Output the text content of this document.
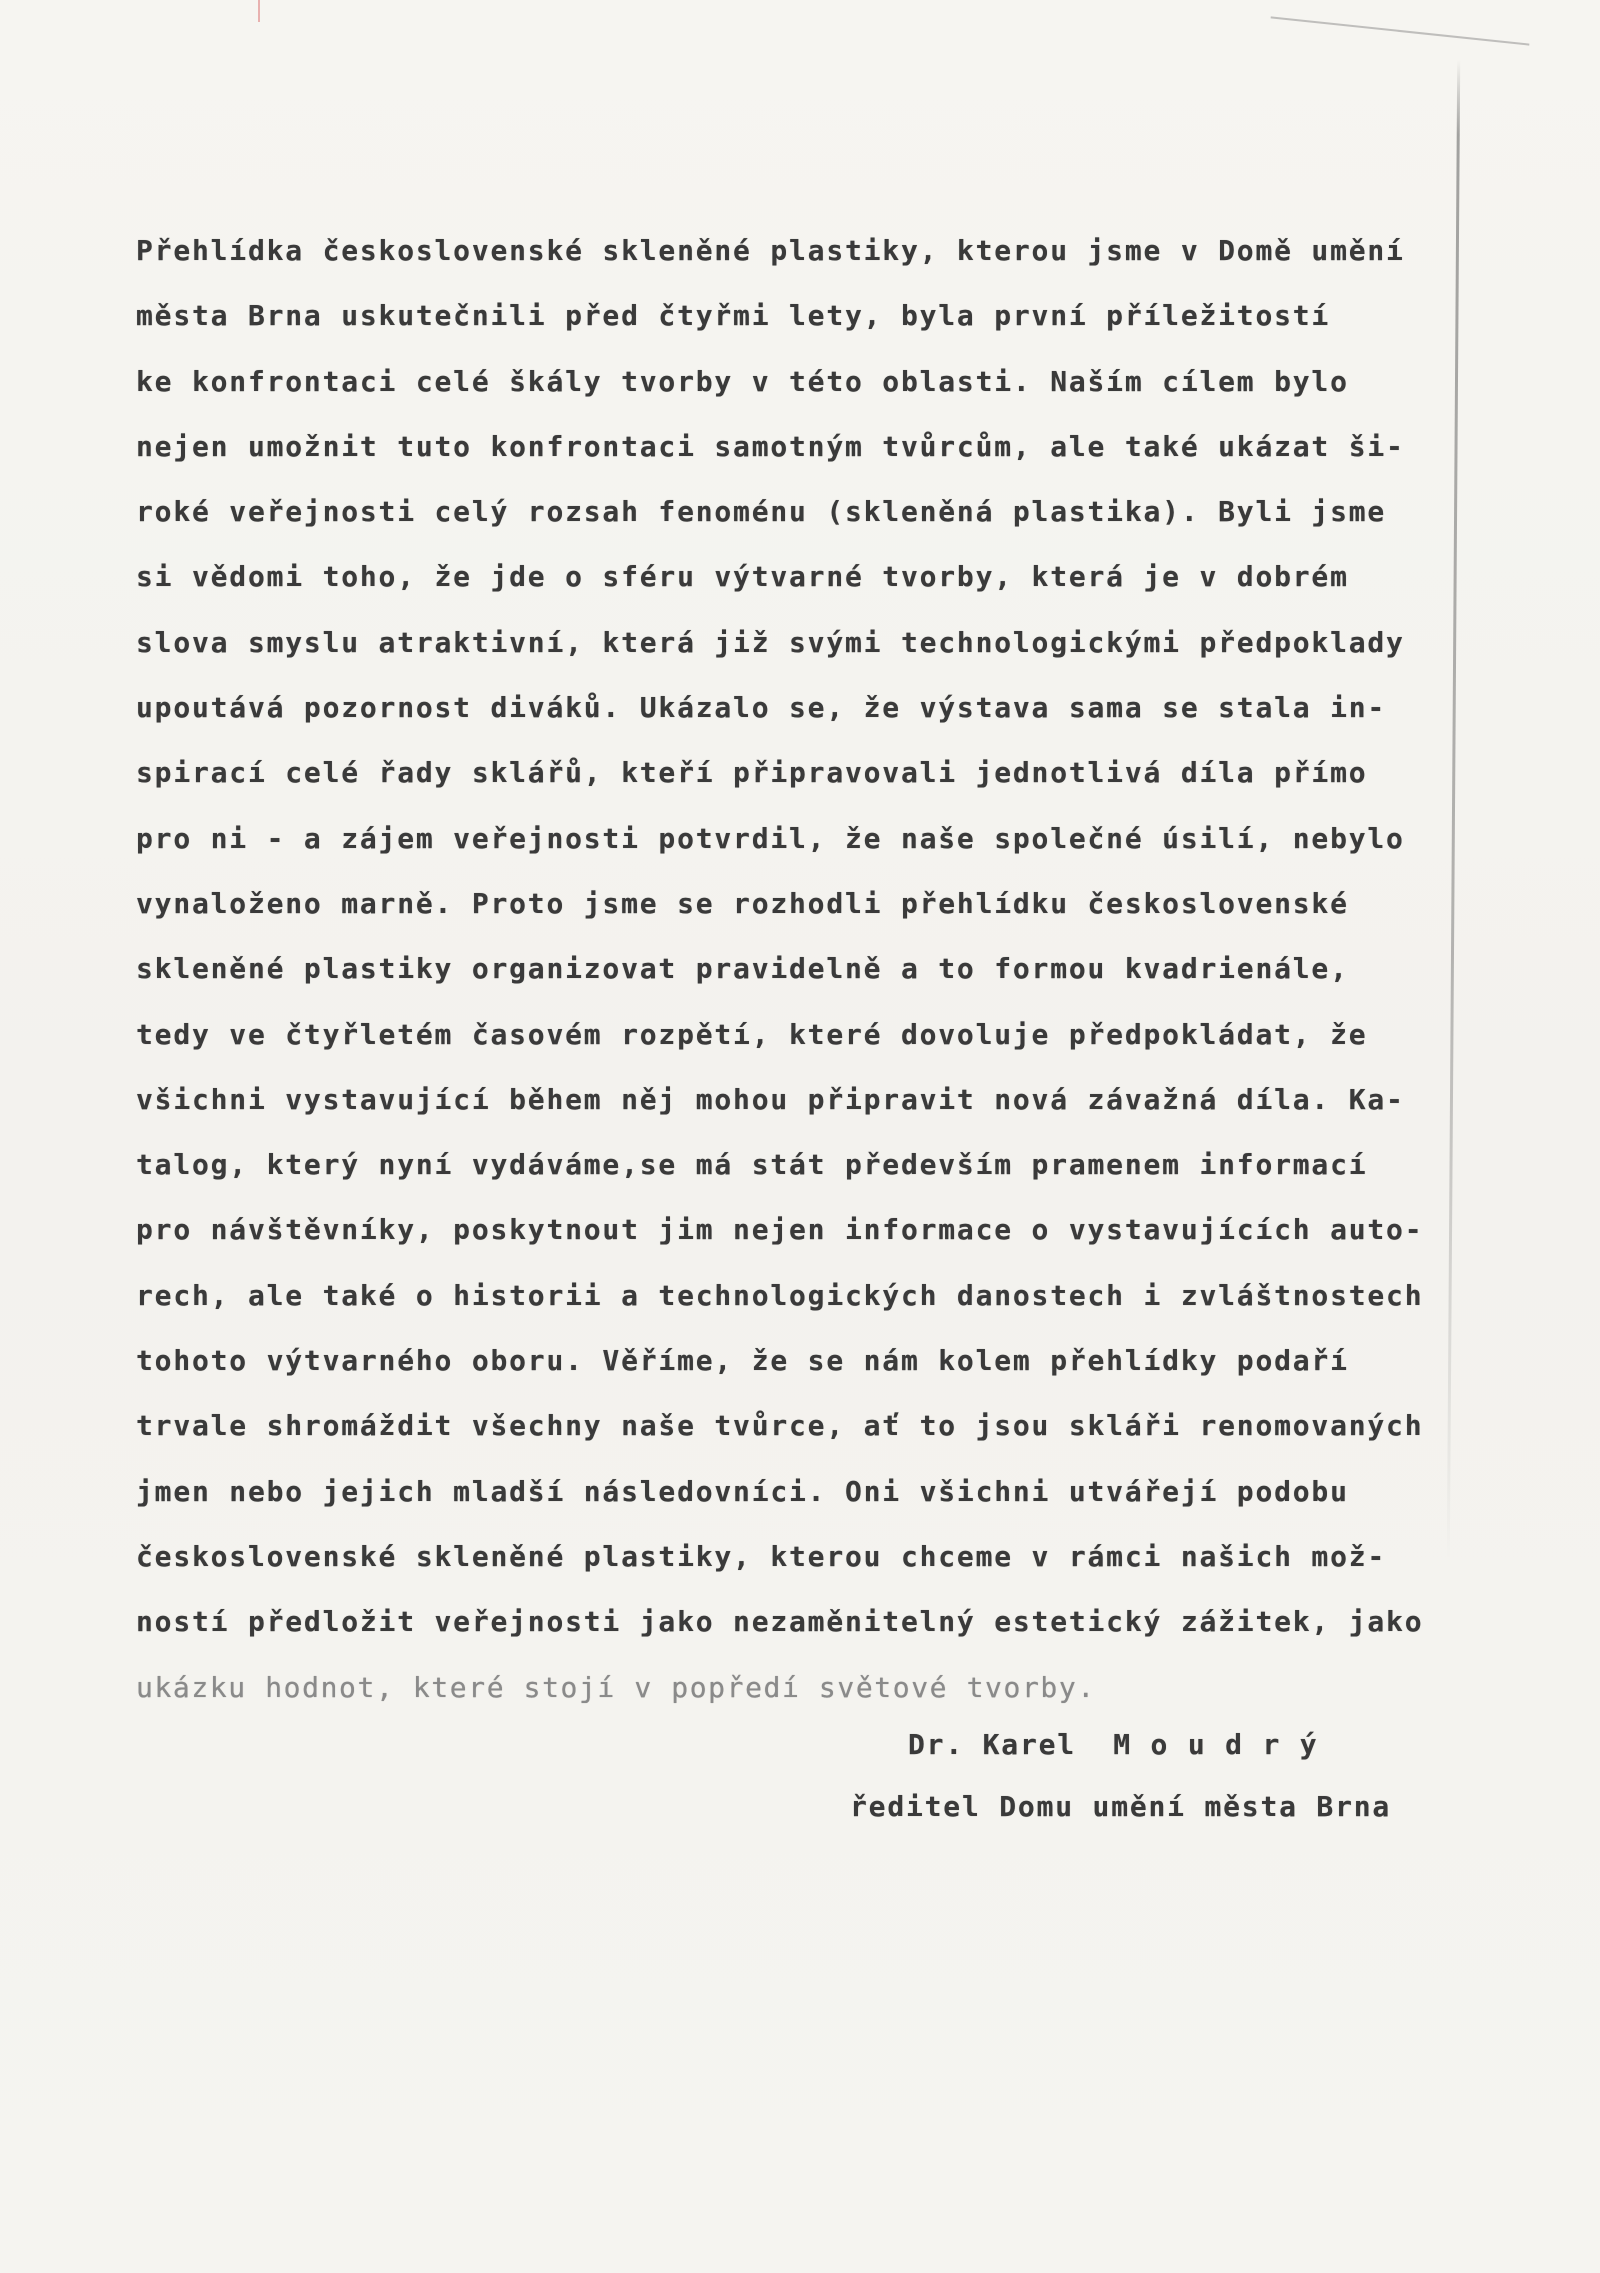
Přehlídka československé skleněné plastiky, kterou jsme v Domě umění
města Brna uskutečnili před čtyřmi lety, byla první příležitostí
ke konfrontaci celé škály tvorby v této oblasti. Naším cílem bylo
nejen umožnit tuto konfrontaci samotným tvůrcům, ale také ukázat ši-
roké veřejnosti celý rozsah fenoménu (skleněná plastika). Byli jsme
si vědomi toho, že jde o sféru výtvarné tvorby, která je v dobrém
slova smyslu atraktivní, která již svými technologickými předpoklady
upoutává pozornost diváků. Ukázalo se, že výstava sama se stala in-
spirací celé řady sklářů, kteří připravovali jednotlivá díla přímo
pro ni - a zájem veřejnosti potvrdil, že naše společné úsilí, nebylo
vynaloženo marně. Proto jsme se rozhodli přehlídku československé
skleněné plastiky organizovat pravidelně a to formou kvadrienále,
tedy ve čtyřletém časovém rozpětí, které dovoluje předpokládat, že
všichni vystavující během něj mohou připravit nová závažná díla. Ka-
talog, který nyní vydáváme,se má stát především pramenem informací
pro návštěvníky, poskytnout jim nejen informace o vystavujících auto-
rech, ale také o historii a technologických danostech i zvláštnostech
tohoto výtvarného oboru. Věříme, že se nám kolem přehlídky podaří
trvale shromáždit všechny naše tvůrce, ať to jsou skláři renomovaných
jmen nebo jejich mladší následovníci. Oni všichni utvářejí podobu
československé skleněné plastiky, kterou chceme v rámci našich mož-
ností předložit veřejnosti jako nezaměnitelný estetický zážitek, jako
ukázku hodnot, které stojí v popředí světové tvorby.
Dr. Karel  M o u d r ý
ředitel Domu umění města Brna
